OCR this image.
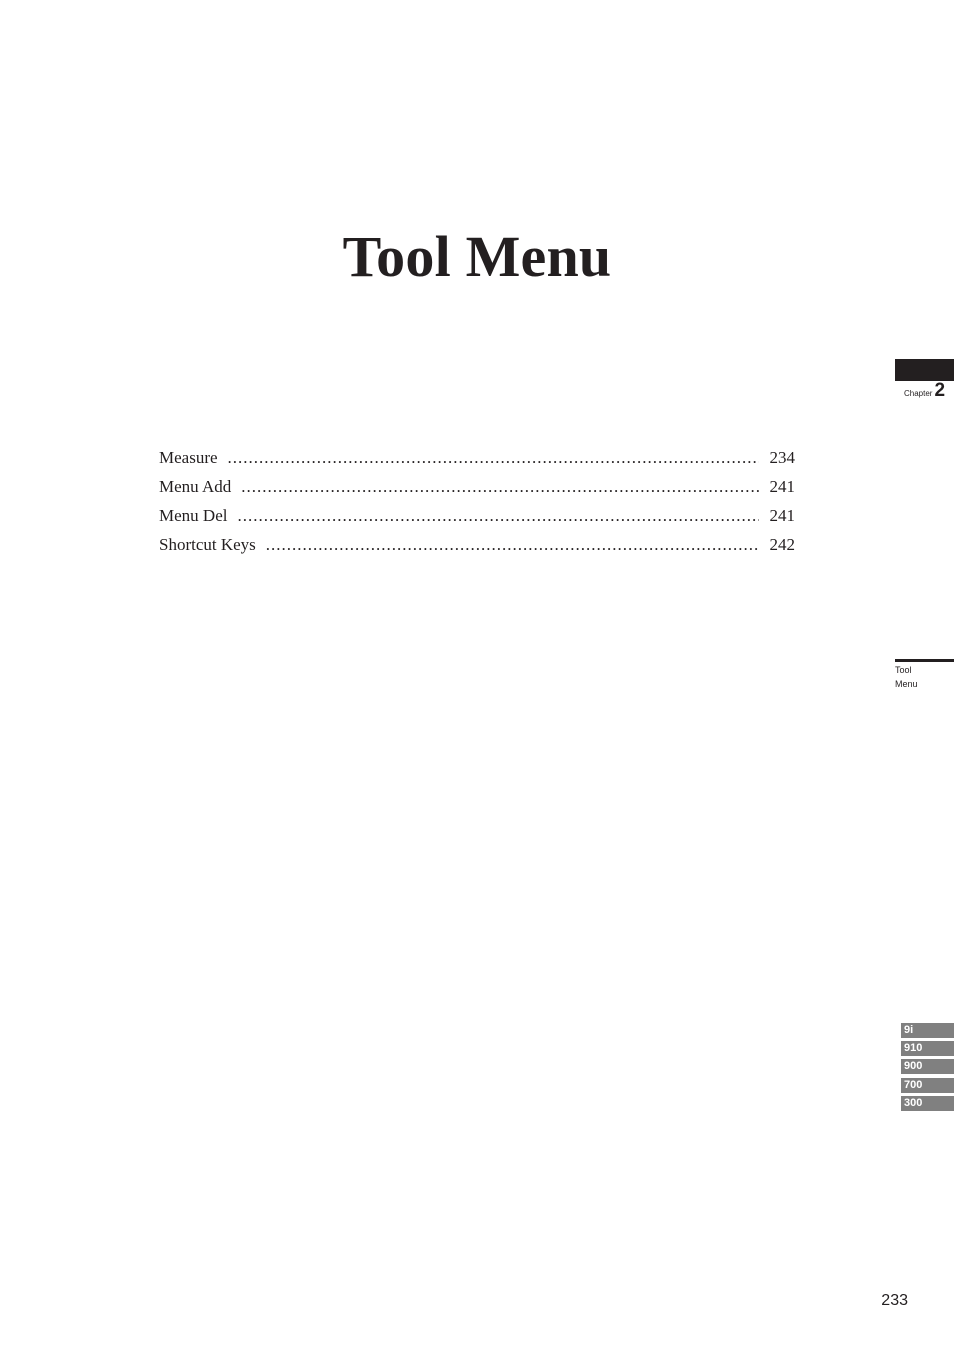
Tool Menu
Chapter 2
Measure .....	234
Menu Add .....	241
Menu Del .....	241
Shortcut Keys .....	242
Tool
Menu
9i
910
900
700
300
233
